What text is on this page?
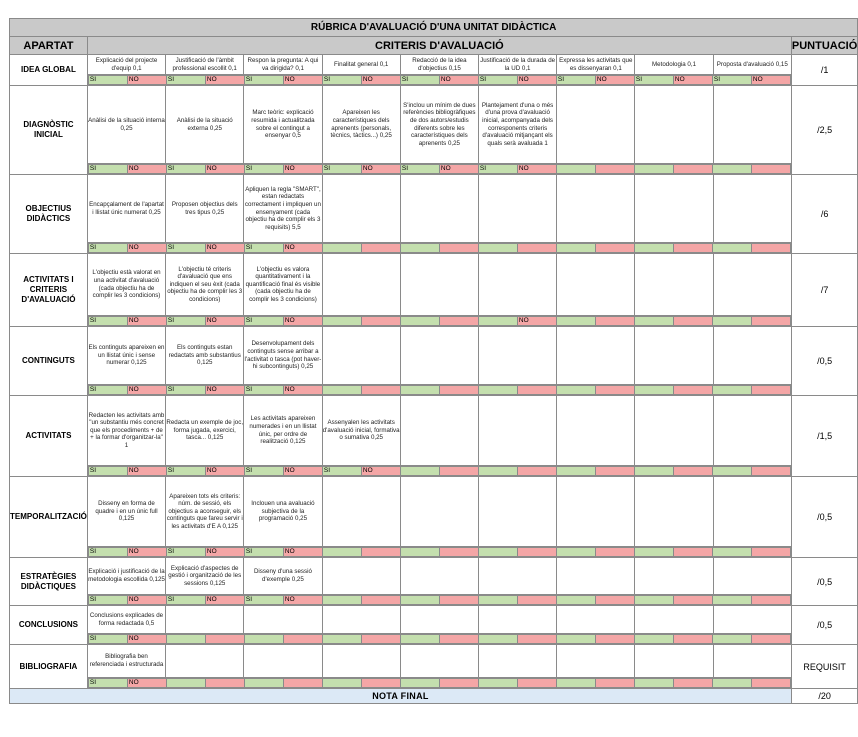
RÚBRICA D'AVALUACIÓ D'UNA UNITAT DIDÀCTICA
APARTAT	CRITERIS D'AVALUACIÓ	PUNTUACIÓ
IDEA GLOBAL	Explicació del projecte d'equip 0,1	Justificació de l'àmbit professional escollit 0,1	Respon la pregunta: A qui va dirigida? 0,1	Finalitat general 0,1	Redacció de la idea d'objectius 0,15	Justificació de la durada de la UD 0,1	Expressa les activitats que es dissenyaran 0,1	Metodologia 0,1	Proposta d'avaluació 0,15	/1

SI	NO	SI	NO	SI	NO	SI	NO	SI	NO	SI	NO	SI	NO	SI	NO	SI	NO

DIAGNÒSTIC INICIAL	Anàlisi de la situació interna 0,25	Anàlisi de la situació externa 0,25	Marc teòric: explicació resumida i actualitzada sobre el contingut a ensenyar 0,5	Apareixen les característiques dels aprenents (personals, tècnics, tàctics...) 0,25	S'inclou un mínim de dues referències bibliogràfiques de dos autors/estudis diferents sobre les característiques dels aprenents 0,25	Plantejament d'una o més d'una prova d'avaluació inicial, acompanyada dels corresponents criteris d'avaluació mitjançant els quals serà avaluada 1				/2,5

SI	NO	SI	NO	SI	NO	SI	NO	SI	NO	SI	NO						

OBJECTIUS DIDÀCTICS	Encapçalament de l'apartat i llistat únic numerat 0,25	Proposen objectius dels tres tipus 0,25	Apliquen la regla "SMART", estan redactats correctament i impliquen un ensenyament (cada objectiu ha de complir els 3 requisits) 5,5							/6

SI	NO	SI	NO	SI	NO												

ACTIVITATS I CRITERIS D'AVALUACIÓ	L'objectiu està valorat en una activitat d'avaluació (cada objectiu ha de complir les 3 condicions)	L'objectiu té criteris d'avaluació que ens indiquen el seu èxit (cada objectiu ha de complir les 3 condicions)	L'objectiu es valora quantitativament i la quantificació final és visible (cada objectiu ha de complir les 3 condicions)							/7

SI	NO	SI	NO	SI	NO						NO						

CONTINGUTS	Els continguts apareixen en un llistat únic i sense numerar 0,125	Els continguts estan redactats amb substantius 0,125	Desenvolupament dels continguts sense arribar a l'activitat o tasca (pot haver-hi subcontinguts) 0,25							/0,5

SI	NO	SI	NO	SI	NO												

ACTIVITATS	Redacten les activitats amb "un substantiu més concret que els procediments + de + la formar d'organitzar-la" 1	Redacta un exemple de joc, forma jugada, exercici, tasca... 0,125	Les activitats apareixen numerades i en un llistat únic, per ordre de realització 0,125	Assenyalen les activitats d'avaluació inicial, formativa o sumativa 0,25						/1,5

SI	NO	SI	NO	SI	NO	SI	NO										

TEMPORALITZACIÓ	Disseny en forma de quadre i en un únic full 0,125	Apareixen tots els criteris: núm. de sessió, els objectius a aconseguir, els continguts que fareu servir i les activitats d'E A 0,125	Inclouen una avaluació subjectiva de la programació 0,25							/0,5

SI	NO	SI	NO	SI	NO												

ESTRATÈGIES DIDÀCTIQUES	Explicació i justificació de la metodologia escollida 0,125	Explicació d'aspectes de gestió i organització de les sessions 0,125	Disseny d'una sessió d'exemple 0,25							/0,5

SI	NO	SI	NO	SI	NO												

CONCLUSIONS	Conclusions explicades de forma redactada 0,5									/0,5

SI	NO																

BIBLIOGRAFIA	Bibliografia ben referenciada i estructurada									REQUISIT

SI	NO																

NOTA FINAL	/20
